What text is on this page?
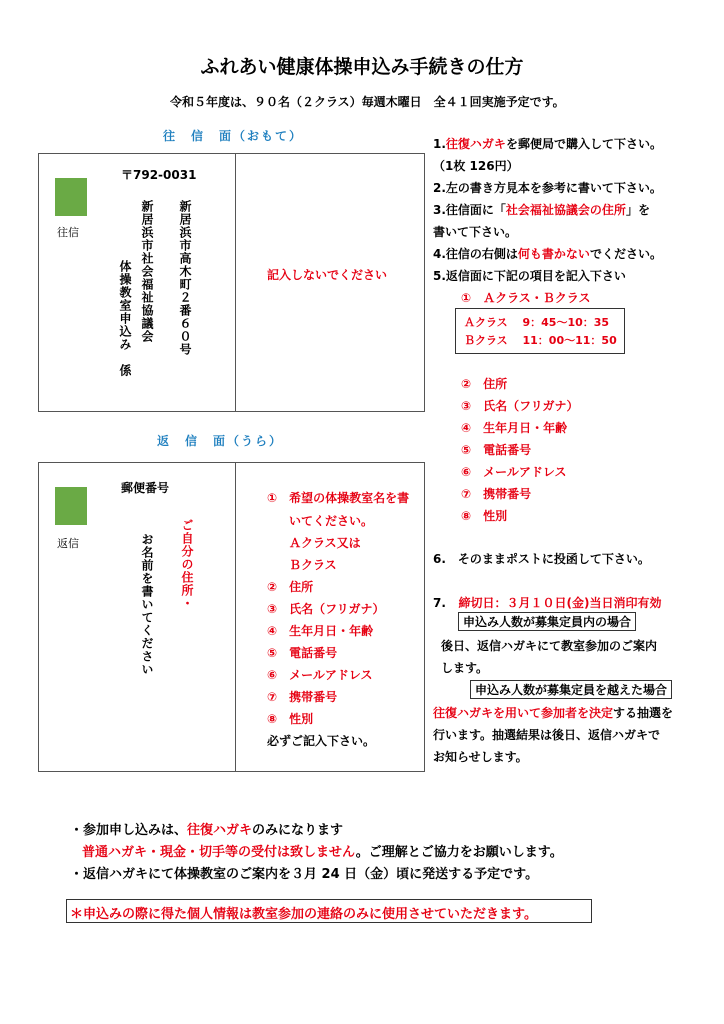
ふれあい健康体操申込み手続きの仕方
令和５年度は、９０名（２クラス）毎週木曜日　全４１回実施予定です。
往　信　面（おもて）
往信
〒792-0031
新居浜市高木町２番６０号
新居浜市社会福祉協議会
体操教室申込み　係	記入しないでください
返　信　面（うら）
返信
郵便番号
ご自分の住所・
お名前を書いてください
①　希望の体操教室名を書
いてください。
Ａクラス又は
Ｂクラス
②　住所
③　氏名（フリガナ）
④　生年月日・年齢
⑤　電話番号
⑥　メールアドレス
⑦　携帯番号
⑧　性別
必ずご記入下さい。
1.往復ハガキを郵便局で購入して下さい。
（1枚 126円）
2.左の書き方見本を参考に書いて下さい。
3.往信面に「社会福祉協議会の住所」を
書いて下さい。
4.往信の右側は何も書かないでください。
5.返信面に下記の項目を記入下さい
①　Ａクラス・Ｂクラス
Ａクラス　 9：45～10：35
Ｂクラス　 11：00～11：50
②　住所
③　氏名（フリガナ）
④　生年月日・年齢
⑤　電話番号
⑥　メールアドレス
⑦　携帯番号
⑧　性別
6.　そのままポストに投函して下さい。
7. 締切日：３月１０日(金)当日消印有効
申込み人数が募集定員内の場合
後日、返信ハガキにて教室参加のご案内
します。
申込み人数が募集定員を越えた場合
往復ハガキを用いて参加者を決定する抽選を
行います。抽選結果は後日、返信ハガキで
お知らせします。
・参加申し込みは、往復ハガキのみになります
普通ハガキ・現金・切手等の受付は致しません。ご理解とご協力をお願いします。
・返信ハガキにて体操教室のご案内を３月 24 日（金）頃に発送する予定です。
＊申込みの際に得た個人情報は教室参加の連絡のみに使用させていただきます。
